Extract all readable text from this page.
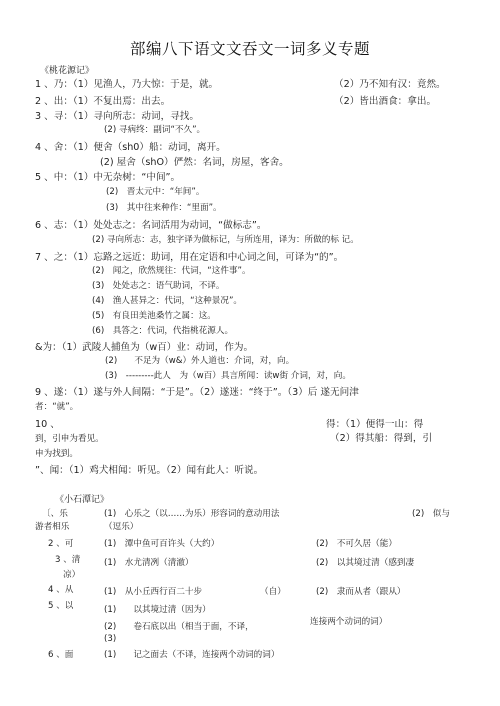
部编八下语文文吞文一词多义专题
《桃花源记》
1 、乃：（1）见渔人，乃大惊：于是，就。	（2）乃不知有汉：竟然。
2 、出：（1）不复出焉：出去。	（2）皆出酒食：拿出。
3 、寻：（1）寻向所志：动词，寻找。
(2) 寻病终：副词“不久”。
4 、舍：（1）便舍（sh0）船：动词，离开。
(2) 屋舍（shO）俨然：名词，房屋，客舍。
5 、中：（1）中无杂树：“中间”。
(2)　晋太元中：“年间”。
(3)　其中往来种作：“里面”。
6 、志：（1）处处志之：名词活用为动词，“做标志”。
(2) 寻向所志：志，独字译为做标记，与所连用，译为：所做的标 记。
7 、之：（1）忘路之远近：助词，用在定语和中心词之间，可译为“的”。
(2)　闻之，欣然规往：代词，“这件事”。
(3)　处处志之：语气助词，不译。
(4)　渔人甚异之：代词，“这种景况”。
(5)　有良田美池桑竹之属：这。
(6)　具答之：代词，代指桃花源人。
&为：（1）武陵人捕鱼为（w百）业：动词，作为。
(2)　　不足为（w&）外人道也：介词，对，向。
(3)　---------此人　为（w百）具言所闻：读w街 介词，对，向。
9 、遂：（1）遂与外人间隔：“于是”。（2）遂迷：“终于”。（3）后 遂无问津
者：“就”。
10 、	得：（1）便得一山：得
到，引申为看见。	（2）得其船：得到，引
申为找到。
”、闻：（1）鸡犬相闻：听见。（2）闻有此人：听说。
《小石潭记》
〔、乐	(1)　心乐之（以……为乐）形容词的意动用法	(2)　似与
游者相乐	（逗乐）
2 、可	(1)　潭中鱼可百许头（大约）	(2)　不可久居（能）
3 、清	(1)　水尤清冽（清澈）	(2)　以其境过清（感到凄
凉）
4 、从	(1)　从小丘西行百二十步	（自）	(2)　隶而从者（跟从）
5 、以	(1)　　以其境过清（因为）
(2)　　卷石底以出（相当于面，不译，	连接两个动词的词）
(3)
6 、面	(1)　　记之面去（不译，连接两个动词的词）
